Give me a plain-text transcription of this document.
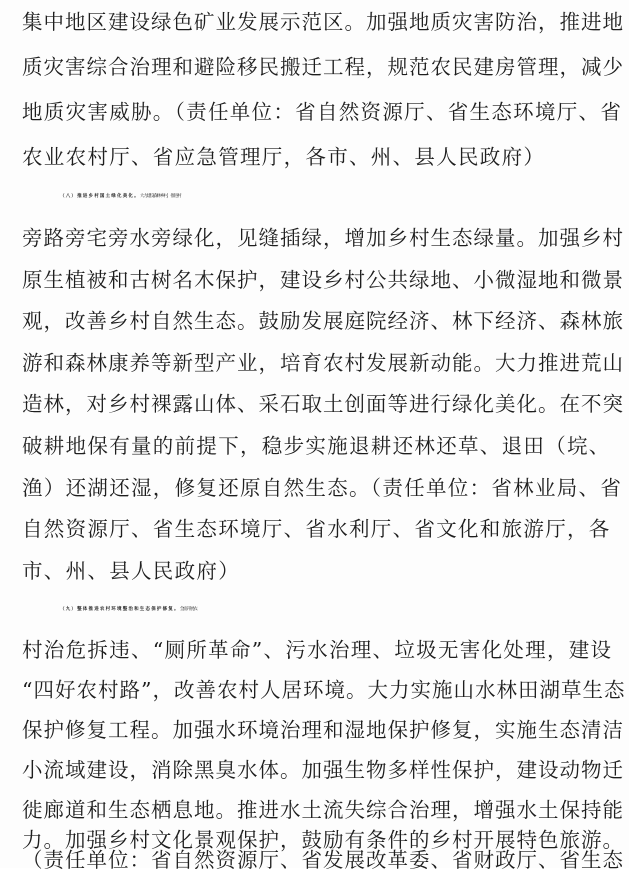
集中地区建设绿色矿业发展示范区。加强地质灾害防治，推进地
质灾害综合治理和避险移民搬迁工程，规范农民建房管理，减少
地质灾害威胁。（责任单位：省自然资源厅、省生态环境厅、省
农业农村厅、省应急管理厅，各市、州、县人民政府）
（八）推进乡村国土绿化美化。大力建设森林乡村，推进村
旁路旁宅旁水旁绿化，见缝插绿，增加乡村生态绿量。加强乡村
原生植被和古树名木保护，建设乡村公共绿地、小微湿地和微景
观，改善乡村自然生态。鼓励发展庭院经济、林下经济、森林旅
游和森林康养等新型产业，培育农村发展新动能。大力推进荒山
造林，对乡村裸露山体、采石取土创面等进行绿化美化。在不突
破耕地保有量的前提下，稳步实施退耕还林还草、退田（垸、
渔）还湖还湿，修复还原自然生态。（责任单位：省林业局、省
自然资源厅、省生态环境厅、省水利厅、省文化和旅游厅，各
市、州、县人民政府）
（九）整体推进农村环境整治和生态保护修复。全面开展农
村治危拆违、“厕所革命”、污水治理、垃圾无害化处理，建设
“四好农村路”，改善农村人居环境。大力实施山水林田湖草生态
保护修复工程。加强水环境治理和湿地保护修复，实施生态清洁
小流域建设，消除黑臭水体。加强生物多样性保护，建设动物迁
徙廊道和生态栖息地。推进水土流失综合治理，增强水土保持能
力。加强乡村文化景观保护，鼓励有条件的乡村开展特色旅游。
（责任单位：省自然资源厅、省发展改革委、省财政厅、省生态
